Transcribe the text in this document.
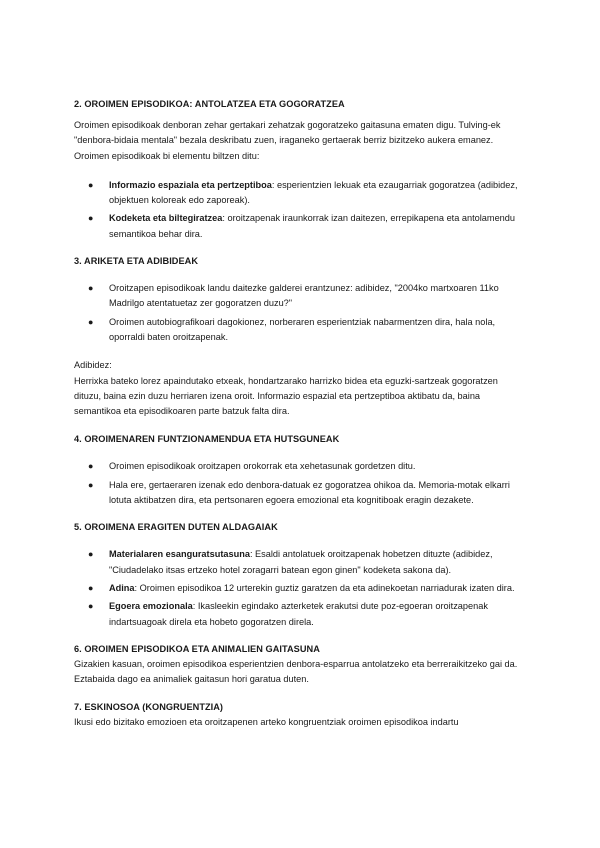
2. OROIMEN EPISODIKOA: ANTOLATZEA ETA GOGORATZEA
Oroimen episodikoak denboran zehar gertakari zehatzak gogoratzeko gaitasuna ematen digu. Tulving-ek "denbora-bidaia mentala" bezala deskribatu zuen, iraganeko gertaerak berriz bizitzeko aukera emanez. Oroimen episodikoak bi elementu biltzen ditu:
● Informazio espaziala eta pertzeptiboa: esperientzien lekuak eta ezaugarriak gogoratzea (adibidez, objektuen koloreak edo zaporeak).
● Kodeketa eta biltegiratzea: oroitzapenak iraunkorrak izan daitezen, errepikapena eta antolamendu semantikoa behar dira.
3. ARIKETA ETA ADIBIDEAK
● Oroitzapen episodikoak landu daitezke galderei erantzunez: adibidez, "2004ko martxoaren 11ko Madrilgo atentatuetaz zer gogoratzen duzu?"
● Oroimen autobiografikoari dagokionez, norberaren esperientziak nabarmentzen dira, hala nola, oporraldi baten oroitzapenak.
Adibidez:
Herrixka bateko lorez apaindutako etxeak, hondartzarako harrizko bidea eta eguzki-sartzeak gogoratzen dituzu, baina ezin duzu herriaren izena oroit. Informazio espazial eta pertzeptiboa aktibatu da, baina semantikoa eta episodikoaren parte batzuk falta dira.
4. OROIMENAREN FUNTZIONAMENDUA ETA HUTSGUNEAK
● Oroimen episodikoak oroitzapen orokorrak eta xehetasunak gordetzen ditu.
● Hala ere, gertaeraren izenak edo denbora-datuak ez gogoratzea ohikoa da. Memoria-motak elkarri lotuta aktibatzen dira, eta pertsonaren egoera emozional eta kognitiboak eragin dezakete.
5. OROIMENA ERAGITEN DUTEN ALDAGAIAK
● Materialaren esanguratsutasuna: Esaldi antolatuek oroitzapenak hobetzen dituzte (adibidez, "Ciudadelako itsas ertzeko hotel zoragarri batean egon ginen" kodeketa sakona da).
● Adina: Oroimen episodikoa 12 urterekin guztiz garatzen da eta adinekoetan narriadurak izaten dira.
● Egoera emozionala: Ikasleekin egindako azterketek erakutsi dute poz-egoeran oroitzapenak indartsuagoak direla eta hobeto gogoratzen direla.
6. OROIMEN EPISODIKOA ETA ANIMALIEN GAITASUNA
Gizakien kasuan, oroimen episodikoa esperientzien denbora-esparrua antolatzeko eta berreraikitzeko gai da. Eztabaida dago ea animaliek gaitasun hori garatua duten.
7. ESKINOSOA (KONGRUENTZIA)
Ikusi edo bizitako emozioen eta oroitzapenen arteko kongruentziak oroimen episodikoa indartu
